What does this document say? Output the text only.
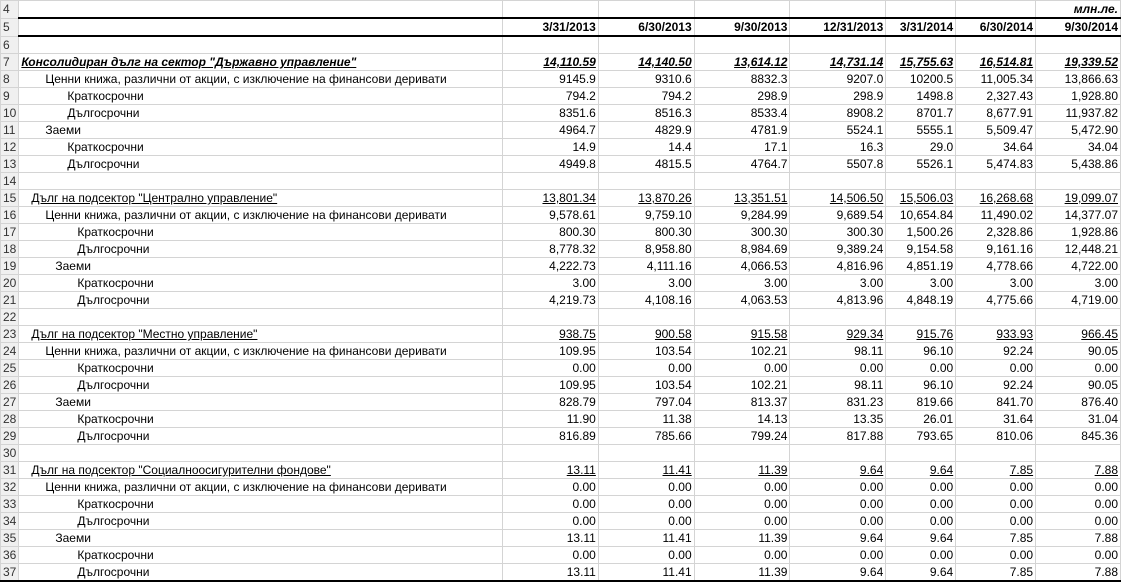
4								млн.ле.
5		3/31/2013	6/30/2013	9/30/2013	12/31/2013	3/31/2014	6/30/2014	9/30/2014
6								
7	Консолидиран дълг на сектор "Държавно управление"	14,110.59	14,140.50	13,614.12	14,731.14	15,755.63	16,514.81	19,339.52
8	Ценни книжа, различни от акции, с изключение на финансови деривати	9145.9	9310.6	8832.3	9207.0	10200.5	11,005.34	13,866.63
9	Краткосрочни	794.2	794.2	298.9	298.9	1498.8	2,327.43	1,928.80
10	Дългосрочни	8351.6	8516.3	8533.4	8908.2	8701.7	8,677.91	11,937.82
11	Заеми	4964.7	4829.9	4781.9	5524.1	5555.1	5,509.47	5,472.90
12	Краткосрочни	14.9	14.4	17.1	16.3	29.0	34.64	34.04
13	Дългосрочни	4949.8	4815.5	4764.7	5507.8	5526.1	5,474.83	5,438.86
14								
15	Дълг на подсектор "Централно управление"	13,801.34	13,870.26	13,351.51	14,506.50	15,506.03	16,268.68	19,099.07
16	Ценни книжа, различни от акции, с изключение на финансови деривати	9,578.61	9,759.10	9,284.99	9,689.54	10,654.84	11,490.02	14,377.07
17	Краткосрочни	800.30	800.30	300.30	300.30	1,500.26	2,328.86	1,928.86
18	Дългосрочни	8,778.32	8,958.80	8,984.69	9,389.24	9,154.58	9,161.16	12,448.21
19	Заеми	4,222.73	4,111.16	4,066.53	4,816.96	4,851.19	4,778.66	4,722.00
20	Краткосрочни	3.00	3.00	3.00	3.00	3.00	3.00	3.00
21	Дългосрочни	4,219.73	4,108.16	4,063.53	4,813.96	4,848.19	4,775.66	4,719.00
22								
23	Дълг на подсектор "Местно управление"	938.75	900.58	915.58	929.34	915.76	933.93	966.45
24	Ценни книжа, различни от акции, с изключение на финансови деривати	109.95	103.54	102.21	98.11	96.10	92.24	90.05
25	Краткосрочни	0.00	0.00	0.00	0.00	0.00	0.00	0.00
26	Дългосрочни	109.95	103.54	102.21	98.11	96.10	92.24	90.05
27	Заеми	828.79	797.04	813.37	831.23	819.66	841.70	876.40
28	Краткосрочни	11.90	11.38	14.13	13.35	26.01	31.64	31.04
29	Дългосрочни	816.89	785.66	799.24	817.88	793.65	810.06	845.36
30								
31	Дълг на подсектор "Социалноосигурителни фондове"	13.11	11.41	11.39	9.64	9.64	7.85	7.88
32	Ценни книжа, различни от акции, с изключение на финансови деривати	0.00	0.00	0.00	0.00	0.00	0.00	0.00
33	Краткосрочни	0.00	0.00	0.00	0.00	0.00	0.00	0.00
34	Дългосрочни	0.00	0.00	0.00	0.00	0.00	0.00	0.00
35	Заеми	13.11	11.41	11.39	9.64	9.64	7.85	7.88
36	Краткосрочни	0.00	0.00	0.00	0.00	0.00	0.00	0.00
37	Дългосрочни	13.11	11.41	11.39	9.64	9.64	7.85	7.88
